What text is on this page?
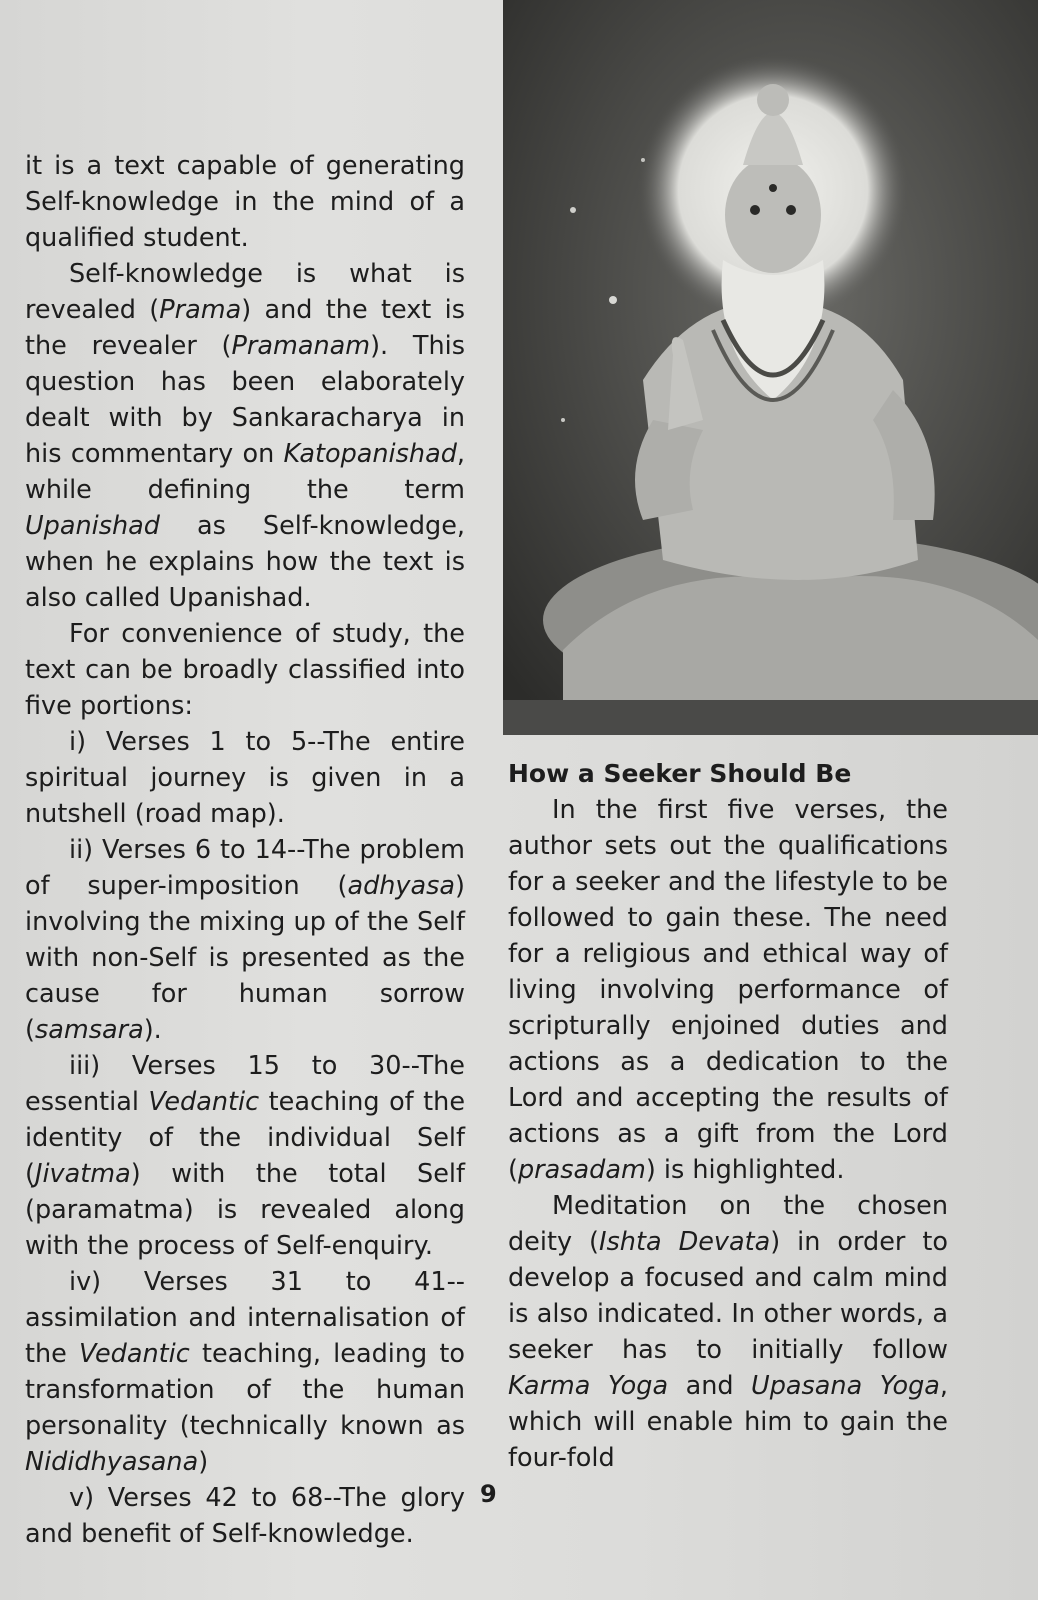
it is a text capable of generating Self-knowledge in the mind of a qualified student.

Self-knowledge is what is revealed (Prama) and the text is the revealer (Pramanam). This question has been elaborately dealt with by Sankaracharya in his commentary on Katopanishad, while defining the term Upanishad as Self-knowledge, when he explains how the text is also called Upanishad.

For convenience of study, the text can be broadly classified into five portions:

i) Verses 1 to 5--The entire spiritual journey is given in a nutshell (road map).

ii) Verses 6 to 14--The problem of super-imposition (adhyasa) involving the mixing up of the Self with non-Self is presented as the cause for human sorrow (samsara).

iii) Verses 15 to 30--The essential Vedantic teaching of the identity of the individual Self (Jivatma) with the total Self (paramatma) is revealed along with the process of Self-enquiry.

iv) Verses 31 to 41--assimilation and internalisation of the Vedantic teaching, leading to transformation of the human personality (technically known as Nididhyasana)

v) Verses 42 to 68--The glory and benefit of Self-knowledge.

How a Seeker Should Be

In the first five verses, the author sets out the qualifications for a seeker and the lifestyle to be followed to gain these. The need for a religious and ethical way of living involving performance of scripturally enjoined duties and actions as a dedication to the Lord and accepting the results of actions as a gift from the Lord (prasadam) is highlighted.

Meditation on the chosen deity (Ishta Devata) in order to develop a focused and calm mind is also indicated. In other words, a seeker has to initially follow Karma Yoga and Upasana Yoga, which will enable him to gain the four-fold

9
